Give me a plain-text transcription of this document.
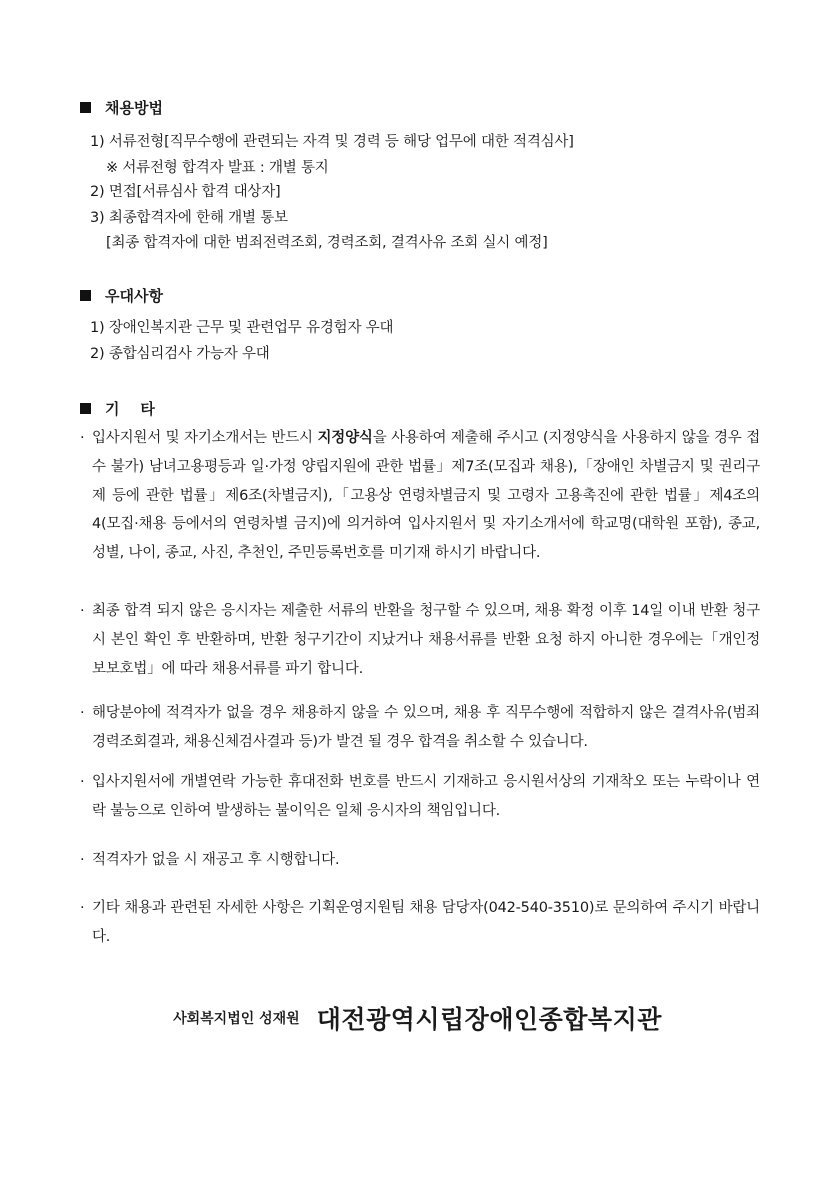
채용방법
1) 서류전형[직무수행에 관련되는 자격 및 경력 등 해당 업무에 대한 적격심사]
※ 서류전형 합격자 발표 : 개별 통지
2) 면접[서류심사 합격 대상자]
3) 최종합격자에 한해 개별 통보
[최종 합격자에 대한 범죄전력조회, 경력조회, 결격사유 조회 실시 예정]
우대사항
1) 장애인복지관 근무 및 관련업무 유경험자 우대
2) 종합심리검사 가능자 우대
기    타
· 입사지원서 및 자기소개서는 반드시 지정양식을 사용하여 제출해 주시고 (지정양식을 사용하지 않을 경우 접수 불가) 남녀고용평등과 일·가정 양립지원에 관한 법률」제7조(모집과 채용),「장애인 차별금지 및 권리구제 등에 관한 법률」제6조(차별금지),「고용상 연령차별금지 및 고령자 고용촉진에 관한 법률」제4조의 4(모집·채용 등에서의 연령차별 금지)에 의거하여 입사지원서 및 자기소개서에 학교명(대학원 포함), 종교, 성별, 나이, 종교, 사진, 추천인, 주민등록번호를 미기재 하시기 바랍니다.
· 최종 합격 되지 않은 응시자는 제출한 서류의 반환을 청구할 수 있으며, 채용 확정 이후 14일 이내 반환 청구 시 본인 확인 후 반환하며, 반환 청구기간이 지났거나 채용서류를 반환 요청 하지 아니한 경우에는「개인정보보호법」에 따라 채용서류를 파기 합니다.
· 해당분야에 적격자가 없을 경우 채용하지 않을 수 있으며, 채용 후 직무수행에 적합하지 않은 결격사유(범죄경력조회결과, 채용신체검사결과 등)가 발견 될 경우 합격을 취소할 수 있습니다.
· 입사지원서에 개별연락 가능한 휴대전화 번호를 반드시 기재하고 응시원서상의 기재착오 또는 누락이나 연락 불능으로 인하여 발생하는 불이익은 일체 응시자의 책임입니다.
· 적격자가 없을 시 재공고 후 시행합니다.
· 기타 채용과 관련된 자세한 사항은 기획운영지원팀 채용 담당자(042-540-3510)로 문의하여 주시기 바랍니다.
사회복지법인 성재원 대전광역시립장애인종합복지관
